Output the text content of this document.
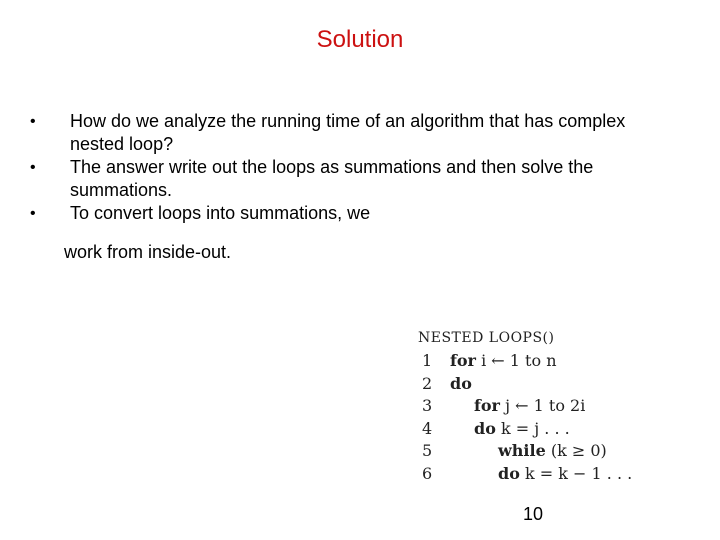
Solution
• How do we analyze the running time of an algorithm that has complex nested loop?
• The answer write out the loops as summations and then solve the summations.
• To convert loops into summations, we
work from inside-out.
NESTED LOOPS()
1 for i ← 1 to n
2 do
3	for j ← 1 to 2i
4	do k = j . . .
5	while (k ≥ 0)
6	do k = k − 1 . . .
10
